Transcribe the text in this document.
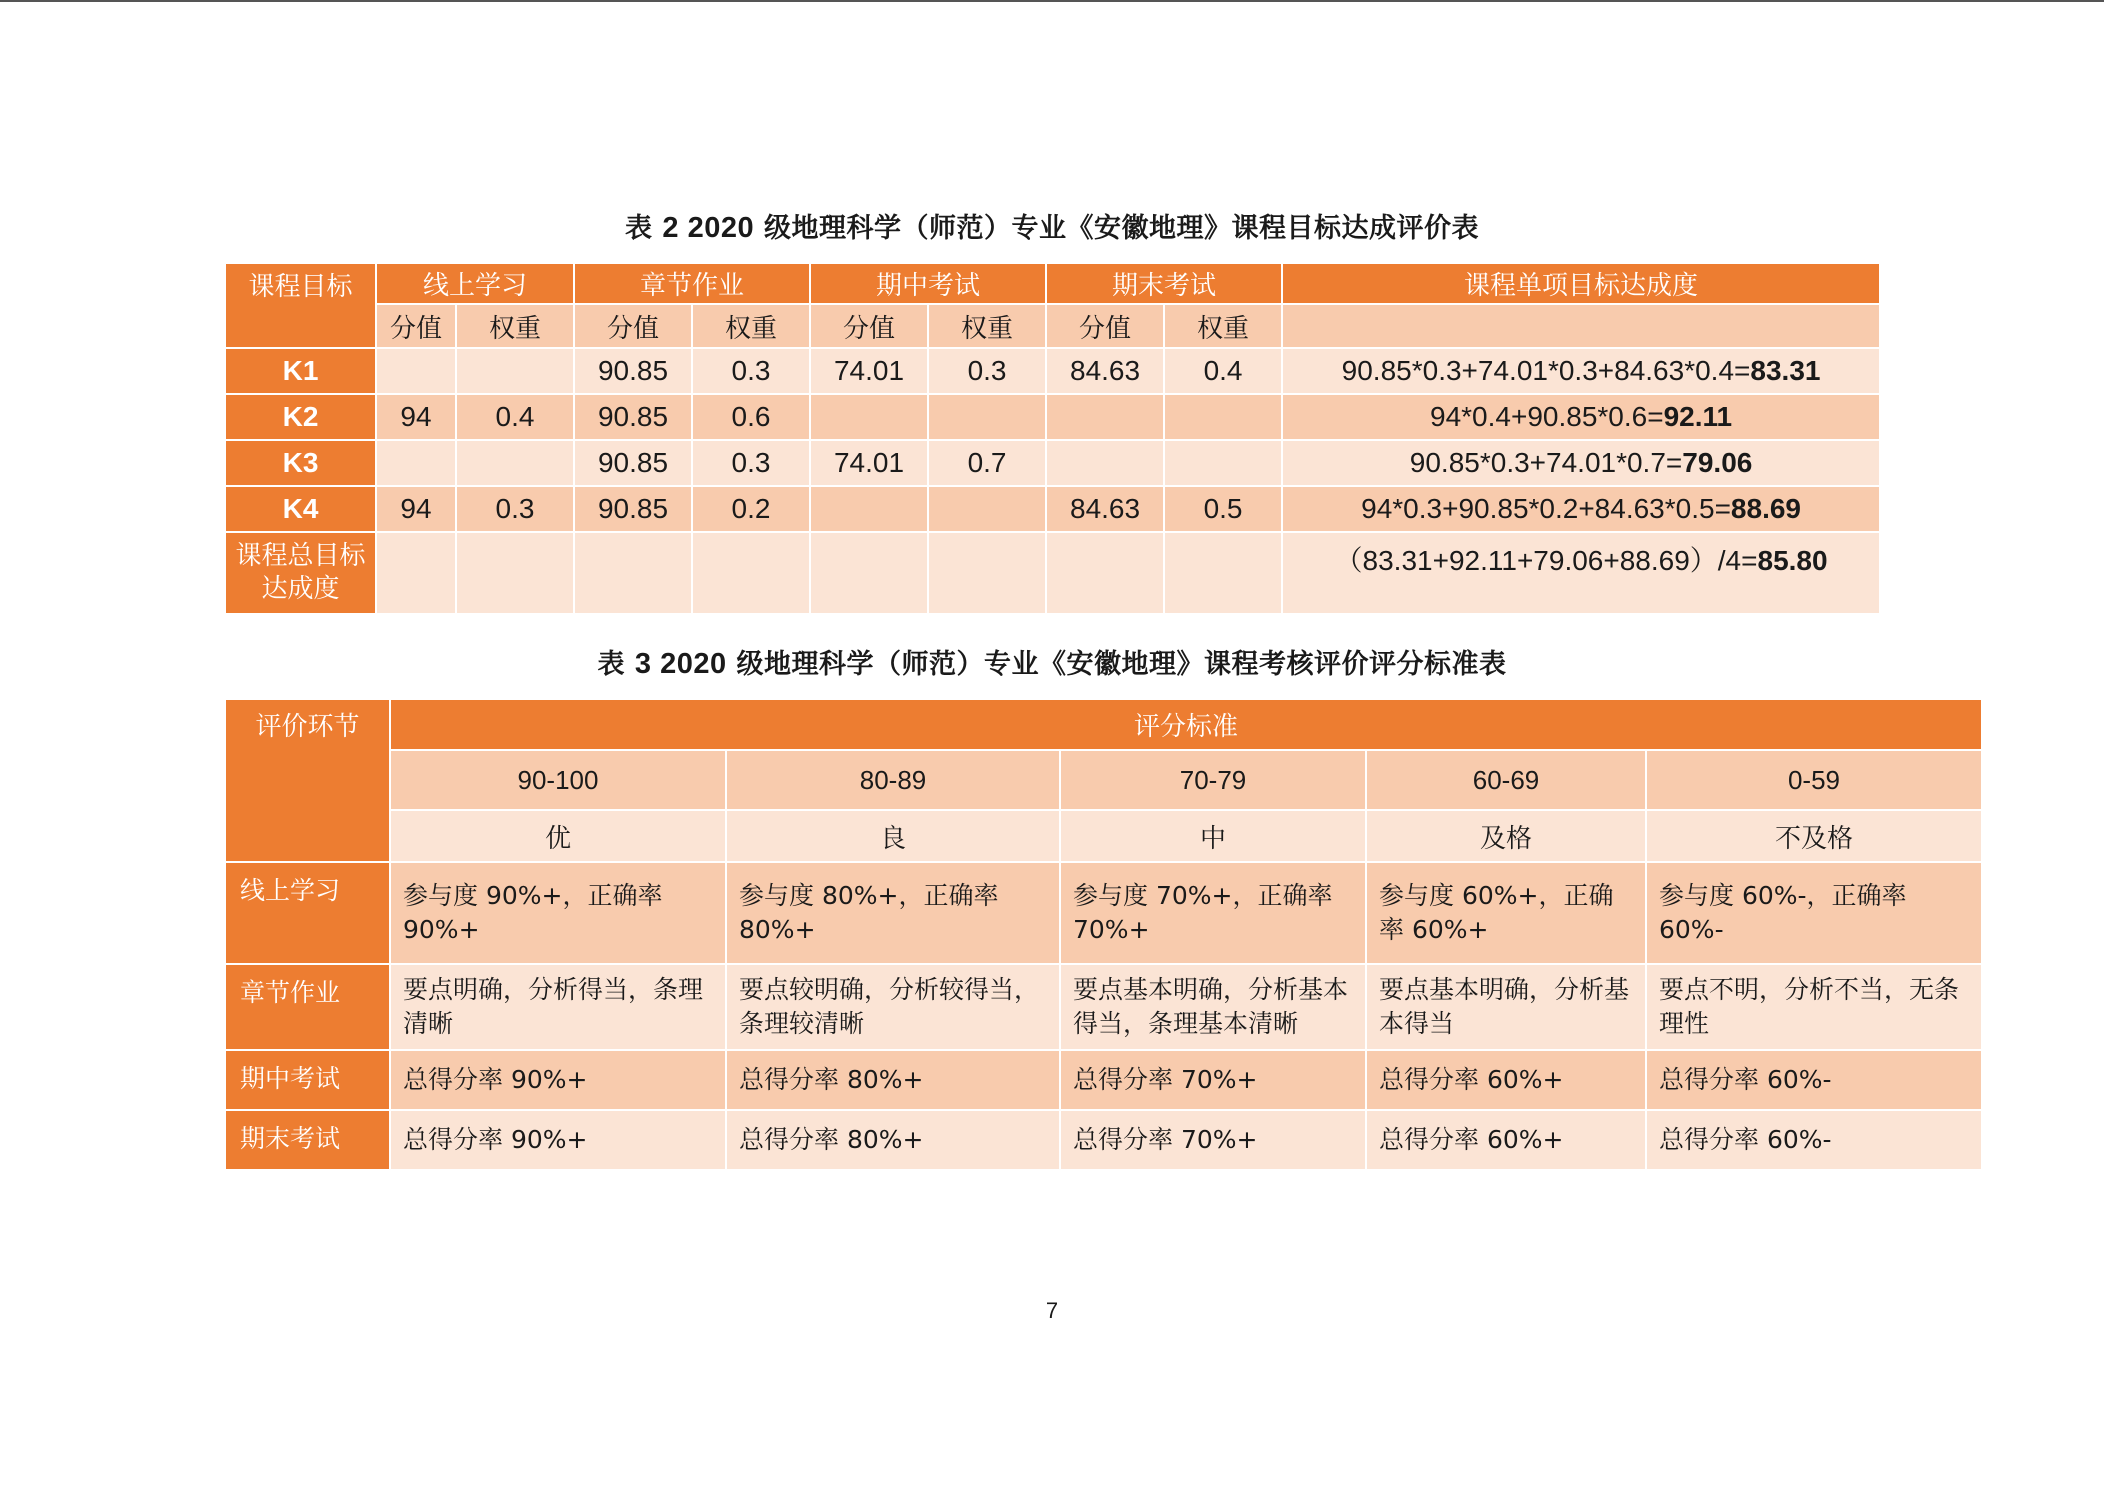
表 2 2020 级地理科学（师范）专业《安徽地理》课程目标达成评价表
课程目标	线上学习		章节作业		期中考试		期末考试		课程单项目标达成度
	分值	权重	分值	权重	分值	权重	分值	权重	
K1			90.85	0.3	74.01	0.3	84.63	0.4	90.85*0.3+74.01*0.3+84.63*0.4=83.31
K2	94	0.4	90.85	0.6					94*0.4+90.85*0.6=92.11
K3			90.85	0.3	74.01	0.7			90.85*0.3+74.01*0.7=79.06
K4	94	0.3	90.85	0.2			84.63	0.5	94*0.3+90.85*0.2+84.63*0.5=88.69
课程总目标达成度									（83.31+92.11+79.06+88.69）/4=85.80
表 3 2020 级地理科学（师范）专业《安徽地理》课程考核评价评分标准表
评价环节	评分标准				
	90-100	80-89	70-79	60-69	0-59
	优	良	中	及格	不及格
线上学习	参与度 90%+，正确率 90%+	参与度 80%+，正确率 80%+	参与度 70%+，正确率 70%+	参与度 60%+，正确率 60%+	参与度 60%-，正确率 60%-
章节作业	要点明确，分析得当，条理清晰	要点较明确，分析较得当，条理较清晰	要点基本明确，分析基本得当，条理基本清晰	要点基本明确，分析基本得当	要点不明，分析不当，无条理性
期中考试	总得分率 90%+	总得分率 80%+	总得分率 70%+	总得分率 60%+	总得分率 60%-
期末考试	总得分率 90%+	总得分率 80%+	总得分率 70%+	总得分率 60%+	总得分率 60%-
7
